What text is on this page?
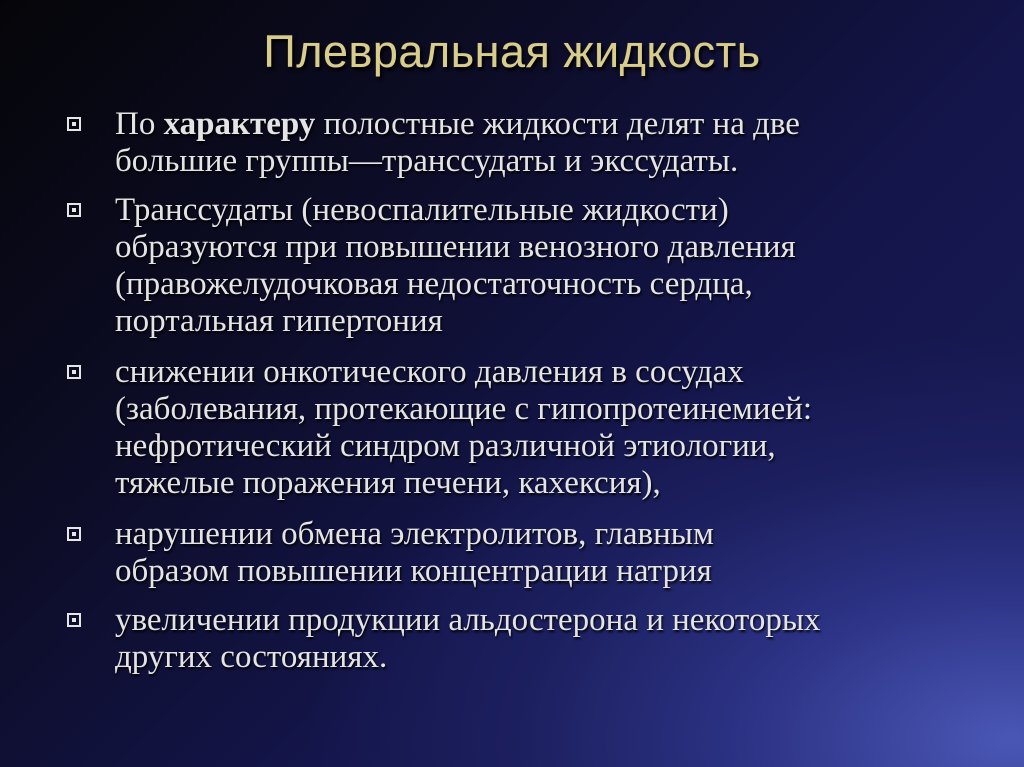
Плевральная жидкость
По характеру полостные жидкости делят на две
большие группы—транссудаты и экссудаты.
Транссудаты (невоспалительные жидкости)
образуются при повышении венозного давления
(правожелудочковая недостаточность сердца,
портальная гипертония
снижении онкотического давления в сосудах
(заболевания, протекающие с гипопротеинемией:
нефротический синдром различной этиологии,
тяжелые поражения печени, кахексия),
нарушении обмена электролитов, главным
образом повышении концентрации натрия
увеличении продукции альдостерона и некоторых
других состояниях.
